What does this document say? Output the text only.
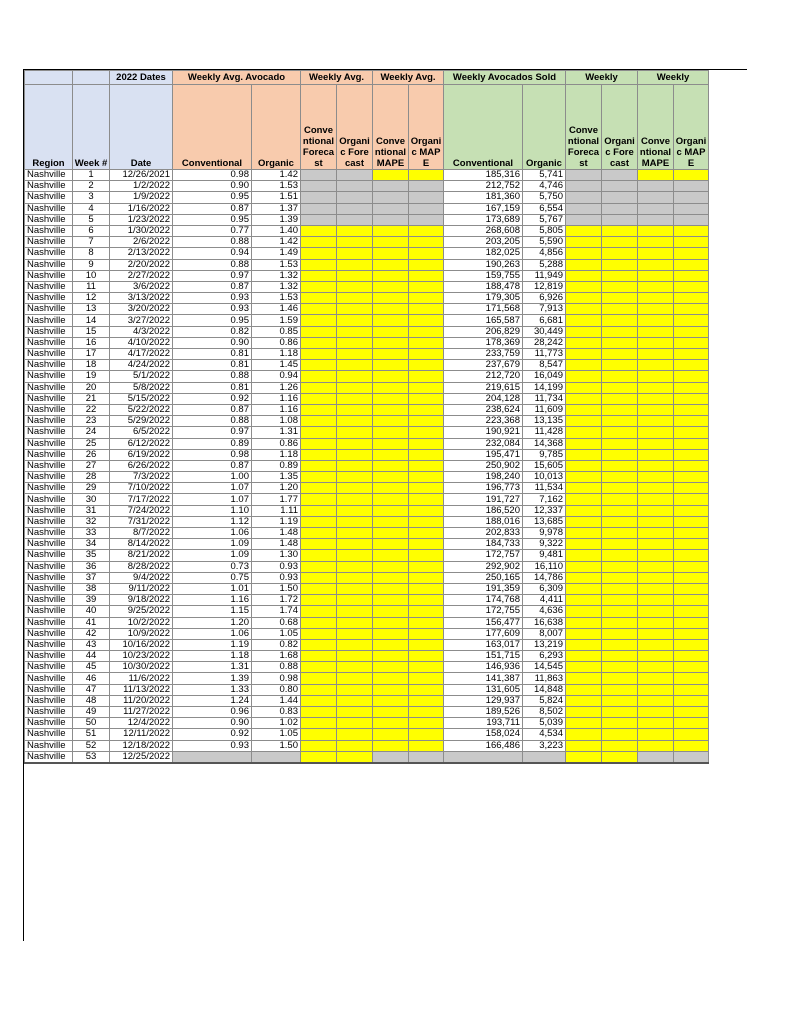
		2022 Dates	Weekly Avg. Avocado		Weekly Avg.		Weekly Avg.		Weekly Avocados Sold		Weekly		Weekly	
Region	Week #	Date	Conventional	Organic	Conventional Forecast	Organic Forecast	Conventional MAPE	Organic MAPE	Conventional	Organic	Conventional Forecast	Organic Forecast	Conventional MAPE	Organic MAPE
Nashville	1	12/26/2021	0.98	1.42					185,316	5,741				
Nashville	2	1/2/2022	0.90	1.53					212,752	4,746				
Nashville	3	1/9/2022	0.95	1.51					181,360	5,750				
Nashville	4	1/16/2022	0.87	1.37					167,159	6,554				
Nashville	5	1/23/2022	0.95	1.39					173,689	5,767				
Nashville	6	1/30/2022	0.77	1.40					268,608	5,805				
Nashville	7	2/6/2022	0.88	1.42					203,205	5,590				
Nashville	8	2/13/2022	0.94	1.49					182,025	4,856				
Nashville	9	2/20/2022	0.88	1.53					190,263	5,288				
Nashville	10	2/27/2022	0.97	1.32					159,755	11,949				
Nashville	11	3/6/2022	0.87	1.32					188,478	12,819				
Nashville	12	3/13/2022	0.93	1.53					179,305	6,926				
Nashville	13	3/20/2022	0.93	1.46					171,568	7,913				
Nashville	14	3/27/2022	0.95	1.59					165,587	6,681				
Nashville	15	4/3/2022	0.82	0.85					206,829	30,449				
Nashville	16	4/10/2022	0.90	0.86					178,369	28,242				
Nashville	17	4/17/2022	0.81	1.18					233,759	11,773				
Nashville	18	4/24/2022	0.81	1.45					237,679	8,547				
Nashville	19	5/1/2022	0.88	0.94					212,720	16,049				
Nashville	20	5/8/2022	0.81	1.26					219,615	14,199				
Nashville	21	5/15/2022	0.92	1.16					204,128	11,734				
Nashville	22	5/22/2022	0.87	1.16					238,624	11,609				
Nashville	23	5/29/2022	0.88	1.08					223,368	13,135				
Nashville	24	6/5/2022	0.97	1.31					190,921	11,428				
Nashville	25	6/12/2022	0.89	0.86					232,084	14,368				
Nashville	26	6/19/2022	0.98	1.18					195,471	9,785				
Nashville	27	6/26/2022	0.87	0.89					250,902	15,605				
Nashville	28	7/3/2022	1.00	1.35					198,240	10,013				
Nashville	29	7/10/2022	1.07	1.20					196,773	11,534				
Nashville	30	7/17/2022	1.07	1.77					191,727	7,162				
Nashville	31	7/24/2022	1.10	1.11					186,520	12,337				
Nashville	32	7/31/2022	1.12	1.19					188,016	13,685				
Nashville	33	8/7/2022	1.06	1.48					202,833	9,978				
Nashville	34	8/14/2022	1.09	1.48					184,733	9,322				
Nashville	35	8/21/2022	1.09	1.30					172,757	9,481				
Nashville	36	8/28/2022	0.73	0.93					292,902	16,110				
Nashville	37	9/4/2022	0.75	0.93					250,165	14,786				
Nashville	38	9/11/2022	1.01	1.50					191,359	6,309				
Nashville	39	9/18/2022	1.16	1.72					174,768	4,411				
Nashville	40	9/25/2022	1.15	1.74					172,755	4,636				
Nashville	41	10/2/2022	1.20	0.68					156,477	16,638				
Nashville	42	10/9/2022	1.06	1.05					177,609	8,007				
Nashville	43	10/16/2022	1.19	0.82					163,017	13,219				
Nashville	44	10/23/2022	1.18	1.68					151,715	6,293				
Nashville	45	10/30/2022	1.31	0.88					146,936	14,545				
Nashville	46	11/6/2022	1.39	0.98					141,387	11,863				
Nashville	47	11/13/2022	1.33	0.80					131,605	14,848				
Nashville	48	11/20/2022	1.24	1.44					129,937	5,824				
Nashville	49	11/27/2022	0.96	0.83					189,526	8,502				
Nashville	50	12/4/2022	0.90	1.02					193,711	5,039				
Nashville	51	12/11/2022	0.92	1.05					158,024	4,534				
Nashville	52	12/18/2022	0.93	1.50					166,486	3,223				
Nashville	53	12/25/2022												
